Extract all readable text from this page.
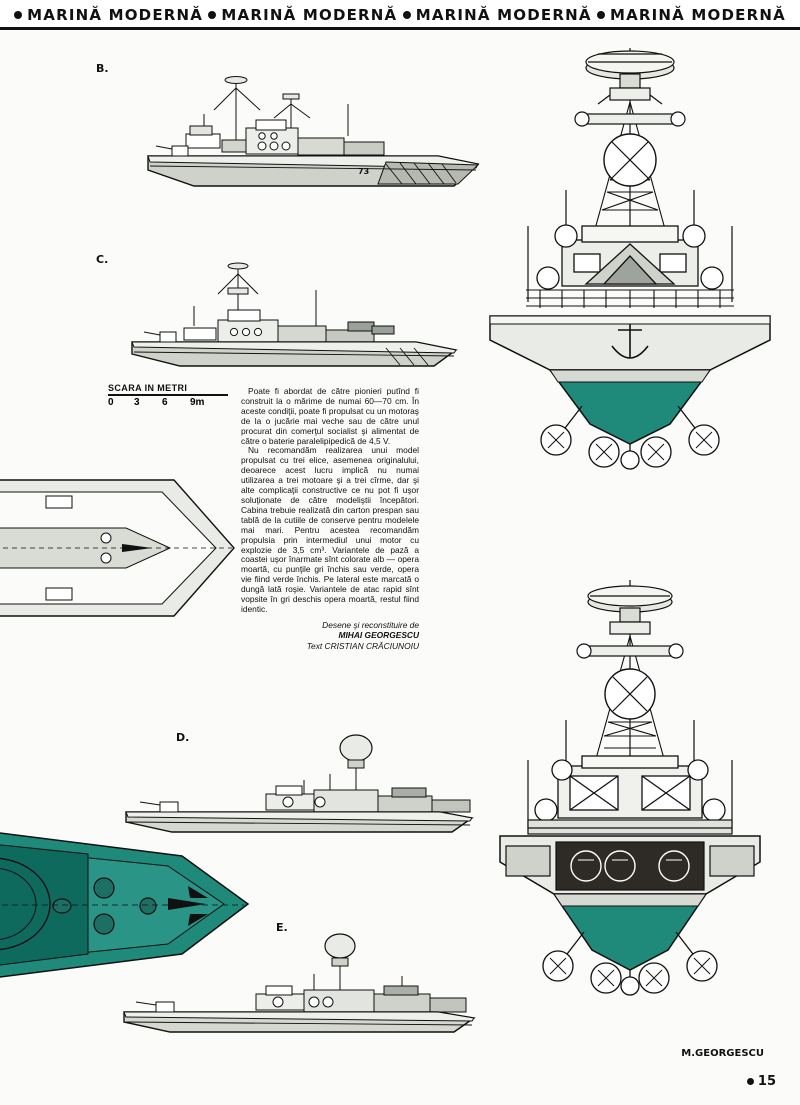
MARINĂ MODERNĂ MARINĂ MODERNĂ MARINĂ MODERNĂ MARINĂ MODERNĂ
B.
C.
D.
E.
73
SCARA IN METRI
0 3 6 9m

Poate fi abordat de către pionieri putînd fi construit la o mărime de numai 60—70 cm. În aceste condiţii, poate fi propulsat cu un motoraş de la o jucărie mai veche sau de către unul procurat din comerţul socialist şi alimentat de către o baterie paralelipipedică de 4,5 V.

Nu recomandăm realizarea unui model propulsat cu trei elice, asemenea originalului, deoarece acest lucru implică nu numai utilizarea a trei motoare şi a trei cîrme, dar şi alte complicaţii constructive ce nu pot fi uşor soluţionate de către modeliştii începători. Cabina trebuie realizată din carton prespan sau tablă de la cutiile de conserve pentru modelele mai mari. Pentru acestea recomandăm propulsia prin intermediul unui motor cu explozie de 3,5 cm³. Variantele de pază a coastei uşor înarmate sînt colorate alb — opera moartă, cu punţile gri închis sau verde, opera vie fiind verde închis. Pe lateral este marcată o dungă lată roşie. Variantele de atac rapid sînt vopsite în gri deschis opera moartă, restul fiind identic.

Desene şi reconstituire de
MIHAI GEORGESCU
Text CRISTIAN CRĂCIUNOIU
M.GEORGESCU
15
